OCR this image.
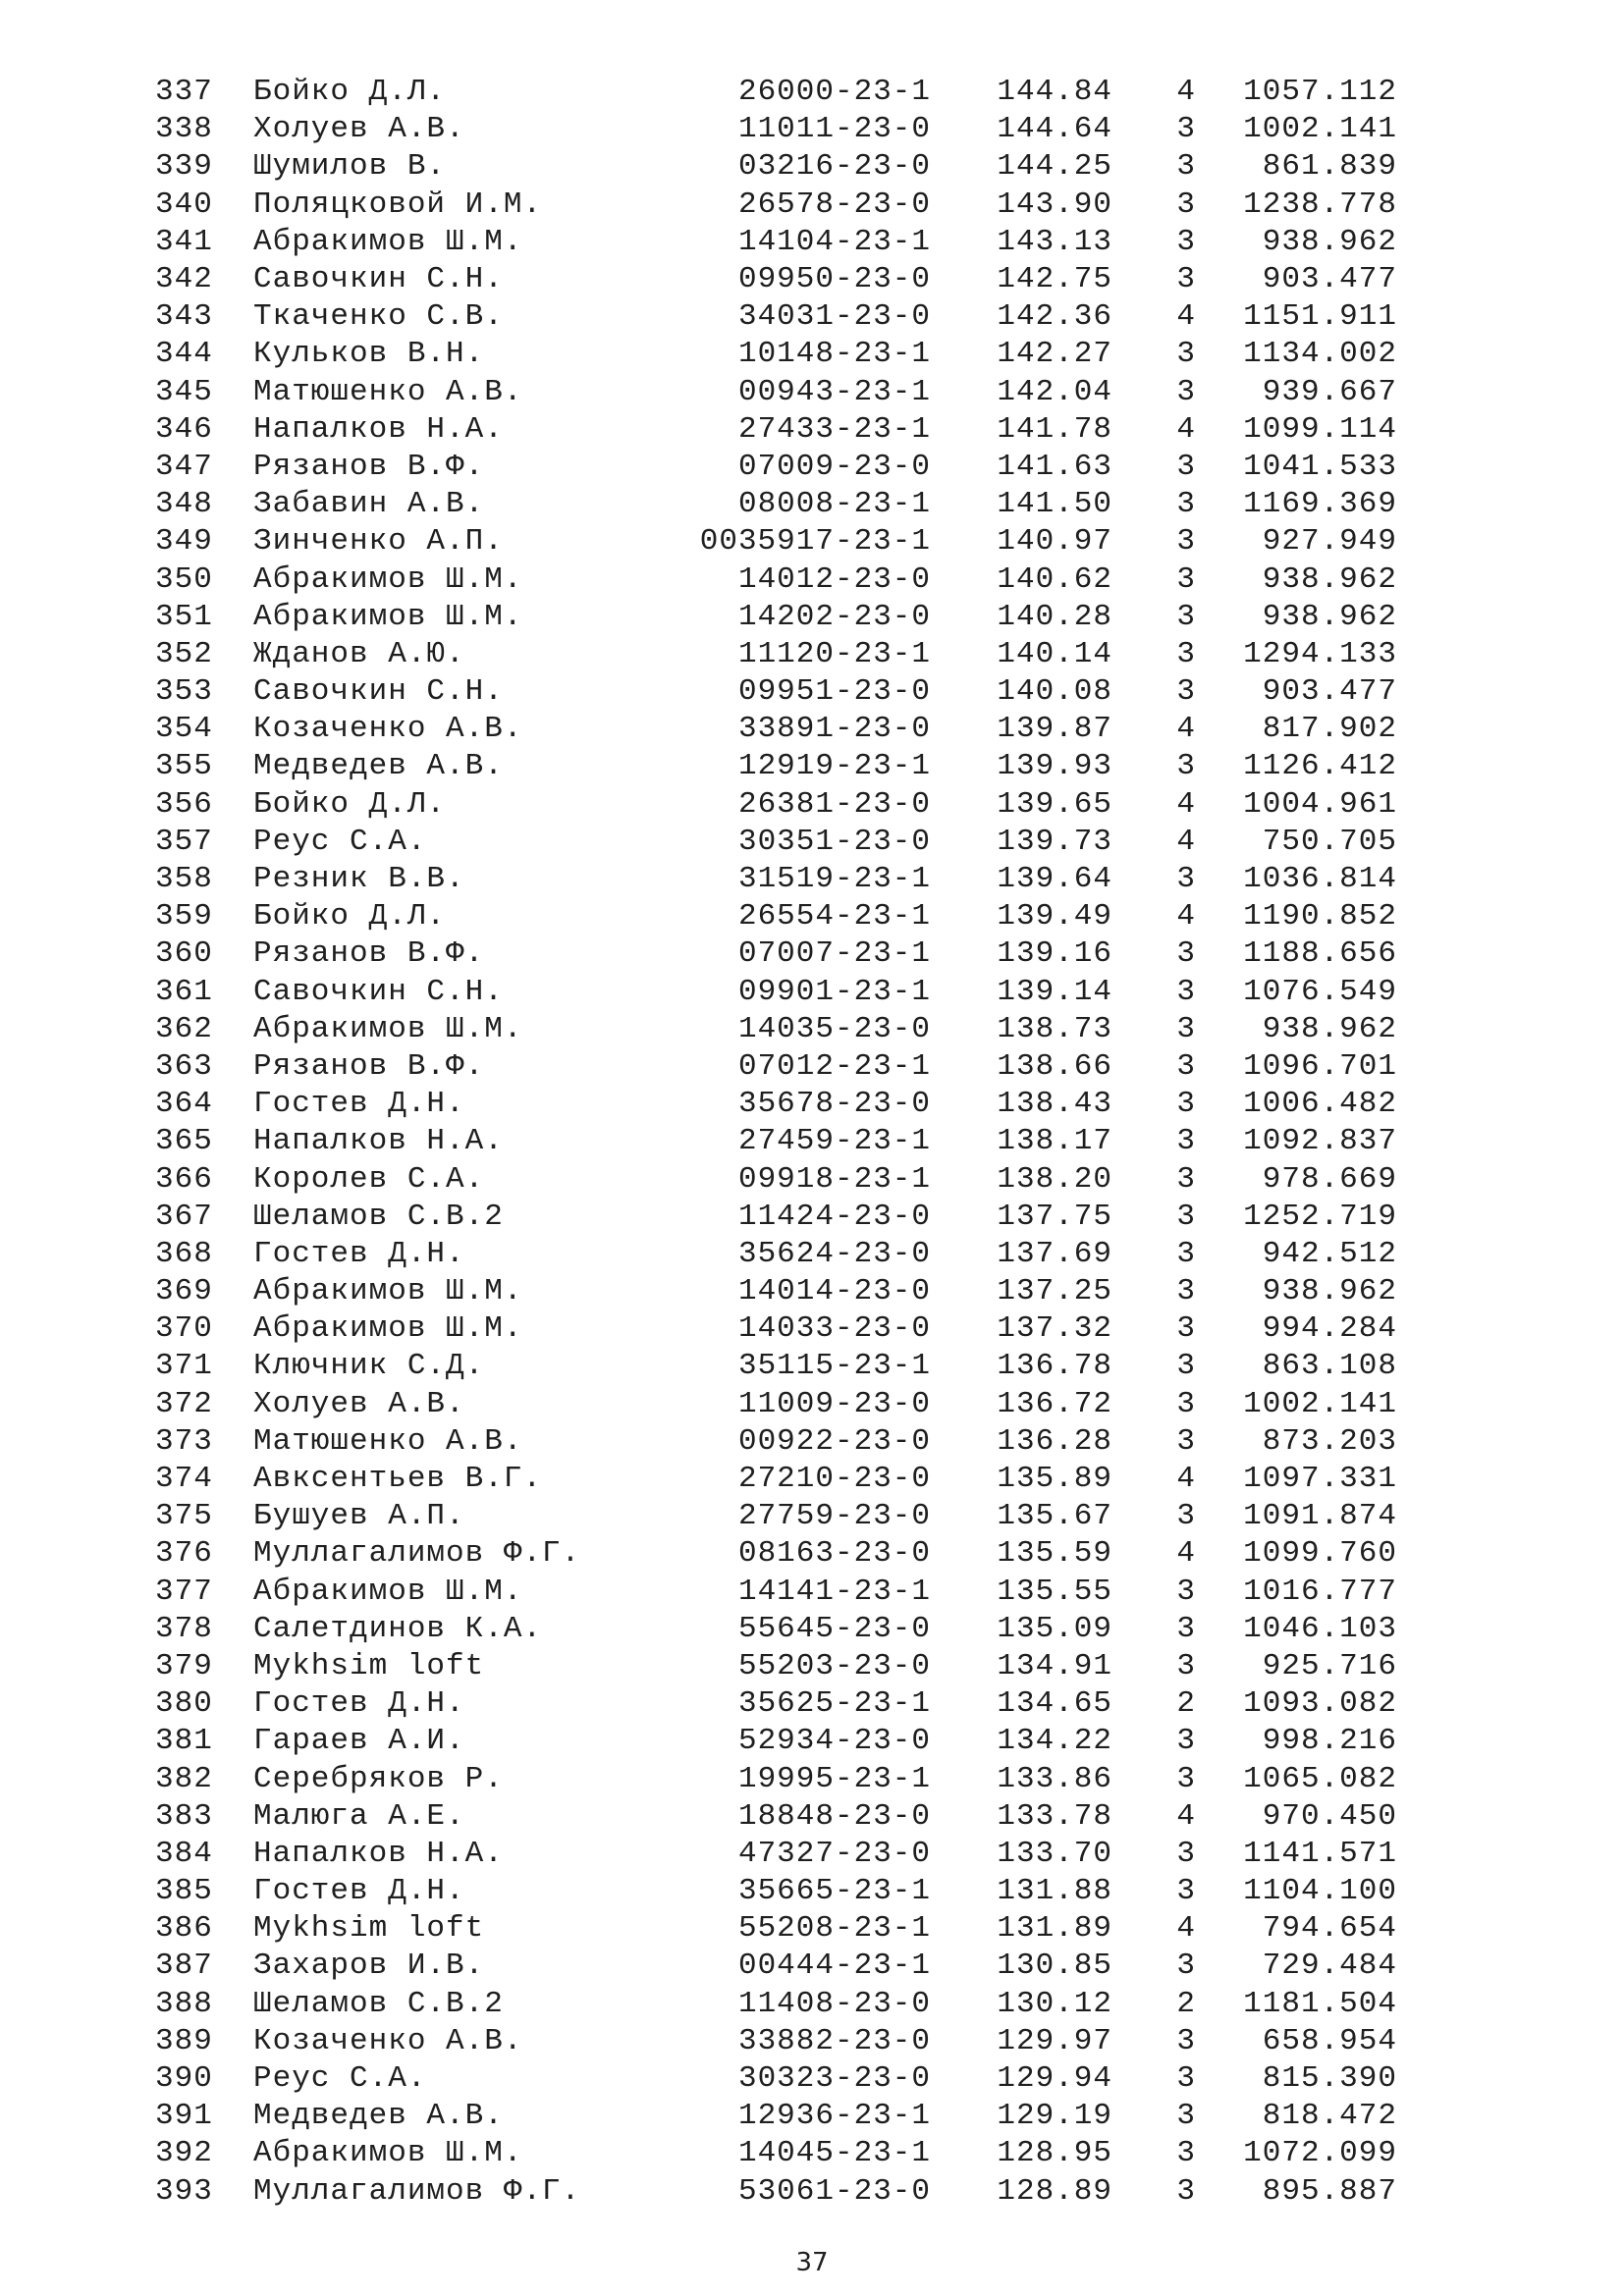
337	Бойко Д.Л.	26000-23-1	144.84	4	1057.112
338	Холуев А.В.	11011-23-0	144.64	3	1002.141
339	Шумилов В.	03216-23-0	144.25	3	861.839
340	Поляцковой И.М.	26578-23-0	143.90	3	1238.778
341	Абракимов Ш.М.	14104-23-1	143.13	3	938.962
342	Савочкин С.Н.	09950-23-0	142.75	3	903.477
343	Ткаченко С.В.	34031-23-0	142.36	4	1151.911
344	Кульков В.Н.	10148-23-1	142.27	3	1134.002
345	Матюшенко А.В.	00943-23-1	142.04	3	939.667
346	Напалков Н.А.	27433-23-1	141.78	4	1099.114
347	Рязанов В.Ф.	07009-23-0	141.63	3	1041.533
348	Забавин А.В.	08008-23-1	141.50	3	1169.369
349	Зинченко А.П.	0035917-23-1	140.97	3	927.949
350	Абракимов Ш.М.	14012-23-0	140.62	3	938.962
351	Абракимов Ш.М.	14202-23-0	140.28	3	938.962
352	Жданов А.Ю.	11120-23-1	140.14	3	1294.133
353	Савочкин С.Н.	09951-23-0	140.08	3	903.477
354	Козаченко А.В.	33891-23-0	139.87	4	817.902
355	Медведев А.В.	12919-23-1	139.93	3	1126.412
356	Бойко Д.Л.	26381-23-0	139.65	4	1004.961
357	Реус С.А.	30351-23-0	139.73	4	750.705
358	Резник В.В.	31519-23-1	139.64	3	1036.814
359	Бойко Д.Л.	26554-23-1	139.49	4	1190.852
360	Рязанов В.Ф.	07007-23-1	139.16	3	1188.656
361	Савочкин С.Н.	09901-23-1	139.14	3	1076.549
362	Абракимов Ш.М.	14035-23-0	138.73	3	938.962
363	Рязанов В.Ф.	07012-23-1	138.66	3	1096.701
364	Гостев Д.Н.	35678-23-0	138.43	3	1006.482
365	Напалков Н.А.	27459-23-1	138.17	3	1092.837
366	Королев С.А.	09918-23-1	138.20	3	978.669
367	Шеламов С.В.2	11424-23-0	137.75	3	1252.719
368	Гостев Д.Н.	35624-23-0	137.69	3	942.512
369	Абракимов Ш.М.	14014-23-0	137.25	3	938.962
370	Абракимов Ш.М.	14033-23-0	137.32	3	994.284
371	Ключник С.Д.	35115-23-1	136.78	3	863.108
372	Холуев А.В.	11009-23-0	136.72	3	1002.141
373	Матюшенко А.В.	00922-23-0	136.28	3	873.203
374	Авксентьев В.Г.	27210-23-0	135.89	4	1097.331
375	Бушуев А.П.	27759-23-0	135.67	3	1091.874
376	Муллагалимов Ф.Г.	08163-23-0	135.59	4	1099.760
377	Абракимов Ш.М.	14141-23-1	135.55	3	1016.777
378	Салетдинов К.А.	55645-23-0	135.09	3	1046.103
379	Mykhsim loft	55203-23-0	134.91	3	925.716
380	Гостев Д.Н.	35625-23-1	134.65	2	1093.082
381	Гараев А.И.	52934-23-0	134.22	3	998.216
382	Серебряков Р.	19995-23-1	133.86	3	1065.082
383	Малюга А.Е.	18848-23-0	133.78	4	970.450
384	Напалков Н.А.	47327-23-0	133.70	3	1141.571
385	Гостев Д.Н.	35665-23-1	131.88	3	1104.100
386	Mykhsim loft	55208-23-1	131.89	4	794.654
387	Захаров И.В.	00444-23-1	130.85	3	729.484
388	Шеламов С.В.2	11408-23-0	130.12	2	1181.504
389	Козаченко А.В.	33882-23-0	129.97	3	658.954
390	Реус С.А.	30323-23-0	129.94	3	815.390
391	Медведев А.В.	12936-23-1	129.19	3	818.472
392	Абракимов Ш.М.	14045-23-1	128.95	3	1072.099
393	Муллагалимов Ф.Г.	53061-23-0	128.89	3	895.887
37
